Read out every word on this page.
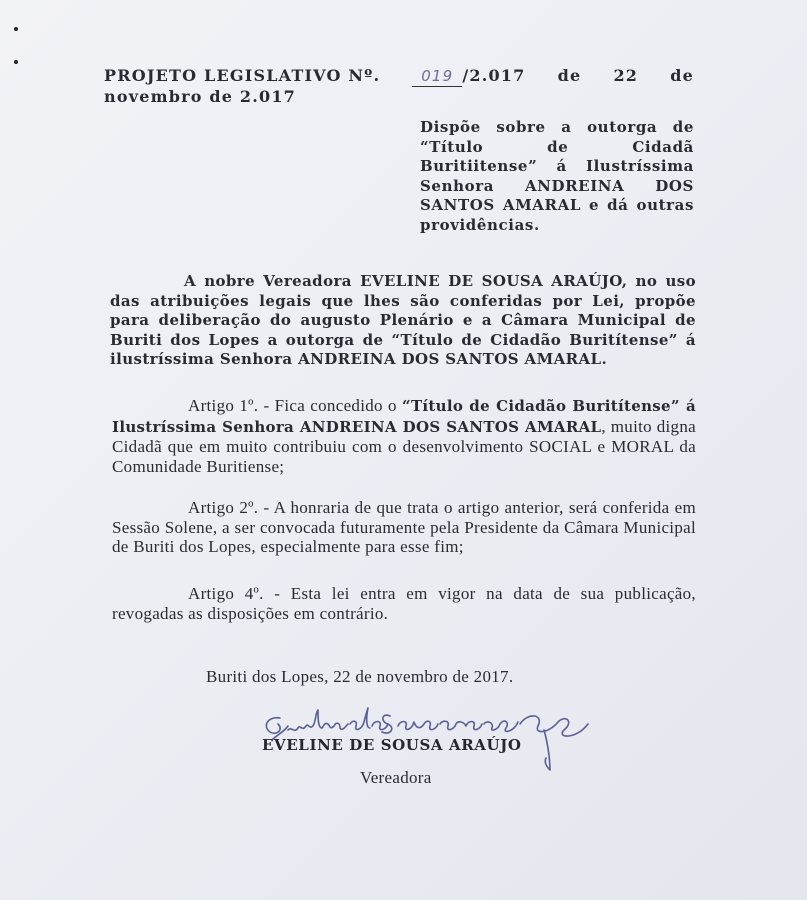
PROJETO LEGISLATIVO Nº.	019 /2.017 de 22 de
novembro de 2.017
Dispõe sobre a outorga de “Título de Cidadã Buritiitense” á Ilustríssima Senhora ANDREINA DOS SANTOS AMARAL e dá outras providências.
A nobre Vereadora EVELINE DE SOUSA ARAÚJO, no uso das atribuições legais que lhes são conferidas por Lei, propõe para deliberação do augusto Plenário e a Câmara Municipal de Buriti dos Lopes a outorga de “Título de Cidadão Buritítense” á ilustríssima Senhora ANDREINA DOS SANTOS AMARAL.
Artigo 1º. - Fica concedido o “Título de Cidadão Buritítense” á Ilustríssima Senhora ANDREINA DOS SANTOS AMARAL, muito digna Cidadã que em muito contribuiu com o desenvolvimento SOCIAL e MORAL da Comunidade Buritiense;
Artigo 2º. - A honraria de que trata o artigo anterior, será conferida em Sessão Solene, a ser convocada futuramente pela Presidente da Câmara Municipal de Buriti dos Lopes, especialmente para esse fim;
Artigo 4º. - Esta lei entra em vigor na data de sua publicação, revogadas as disposições em contrário.
Buriti dos Lopes, 22 de novembro de 2017.
EVELINE DE SOUSA ARAÚJO
Vereadora
